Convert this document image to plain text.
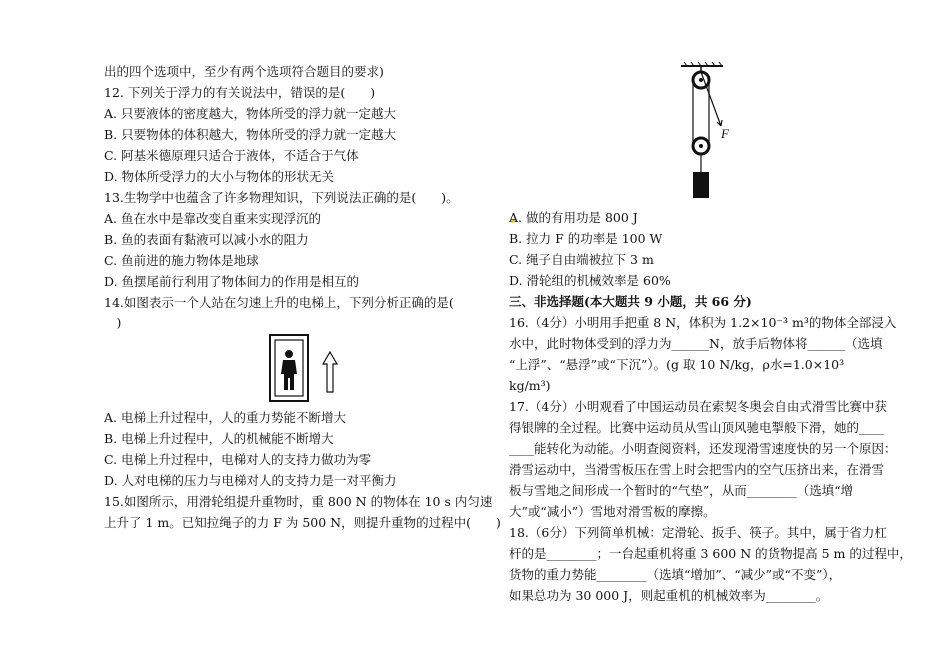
出的四个选项中，至少有两个选项符合题目的要求)
12. 下列关于浮力的有关说法中，错误的是(　　)
A. 只要液体的密度越大，物体所受的浮力就一定越大
B. 只要物体的体积越大，物体所受的浮力就一定越大
C. 阿基米德原理只适合于液体，不适合于气体
D. 物体所受浮力的大小与物体的形状无关
13.生物学中也蕴含了许多物理知识，下列说法正确的是(　　)。
A. 鱼在水中是靠改变自重来实现浮沉的
B. 鱼的表面有黏液可以减小水的阻力
C. 鱼前进的施力物体是地球
D. 鱼摆尾前行利用了物体间力的作用是相互的
14.如图表示一个人站在匀速上升的电梯上，下列分析正确的是(
　)
A. 电梯上升过程中，人的重力势能不断增大
B. 电梯上升过程中，人的机械能不断增大
C. 电梯上升过程中，电梯对人的支持力做功为零
D. 人对电梯的压力与电梯对人的支持力是一对平衡力
15.如图所示，用滑轮组提升重物时，重 800 N 的物体在 10 s 内匀速
上升了 1 m。已知拉绳子的力 F 为 500 N，则提升重物的过程中(　　)
F
A. 做的有用功是 800 J
B. 拉力 F 的功率是 100 W
C. 绳子自由端被拉下 3 m
D. 滑轮组的机械效率是 60%
三、非选择题(本大题共 9 小题，共 66 分)
16.（4分）小明用手把重 8 N，体积为 1.2×10⁻³ m³的物体全部浸入
水中，此时物体受到的浮力为______N，放手后物体将______（选填
“上浮”、“悬浮”或“下沉”）。(g 取 10 N/kg，ρ水=1.0×10³
kg/m³)
17.（4分）小明观看了中国运动员在索契冬奥会自由式滑雪比赛中获
得银牌的全过程。比赛中运动员从雪山顶风驰电掣般下滑，她的____
____能转化为动能。小明查阅资料，还发现滑雪速度快的另一个原因：
滑雪运动中，当滑雪板压在雪上时会把雪内的空气压挤出来，在滑雪
板与雪地之间形成一个暂时的“气垫”，从而________（选填“增
大”或“减小”）雪地对滑雪板的摩擦。
18.（6分）下列简单机械：定滑轮、扳手、筷子。其中，属于省力杠
杆的是________；一台起重机将重 3 600 N 的货物提高 5 m 的过程中，
货物的重力势能________（选填“增加”、“减少”或“不变”），
如果总功为 30 000 J，则起重机的机械效率为________。
